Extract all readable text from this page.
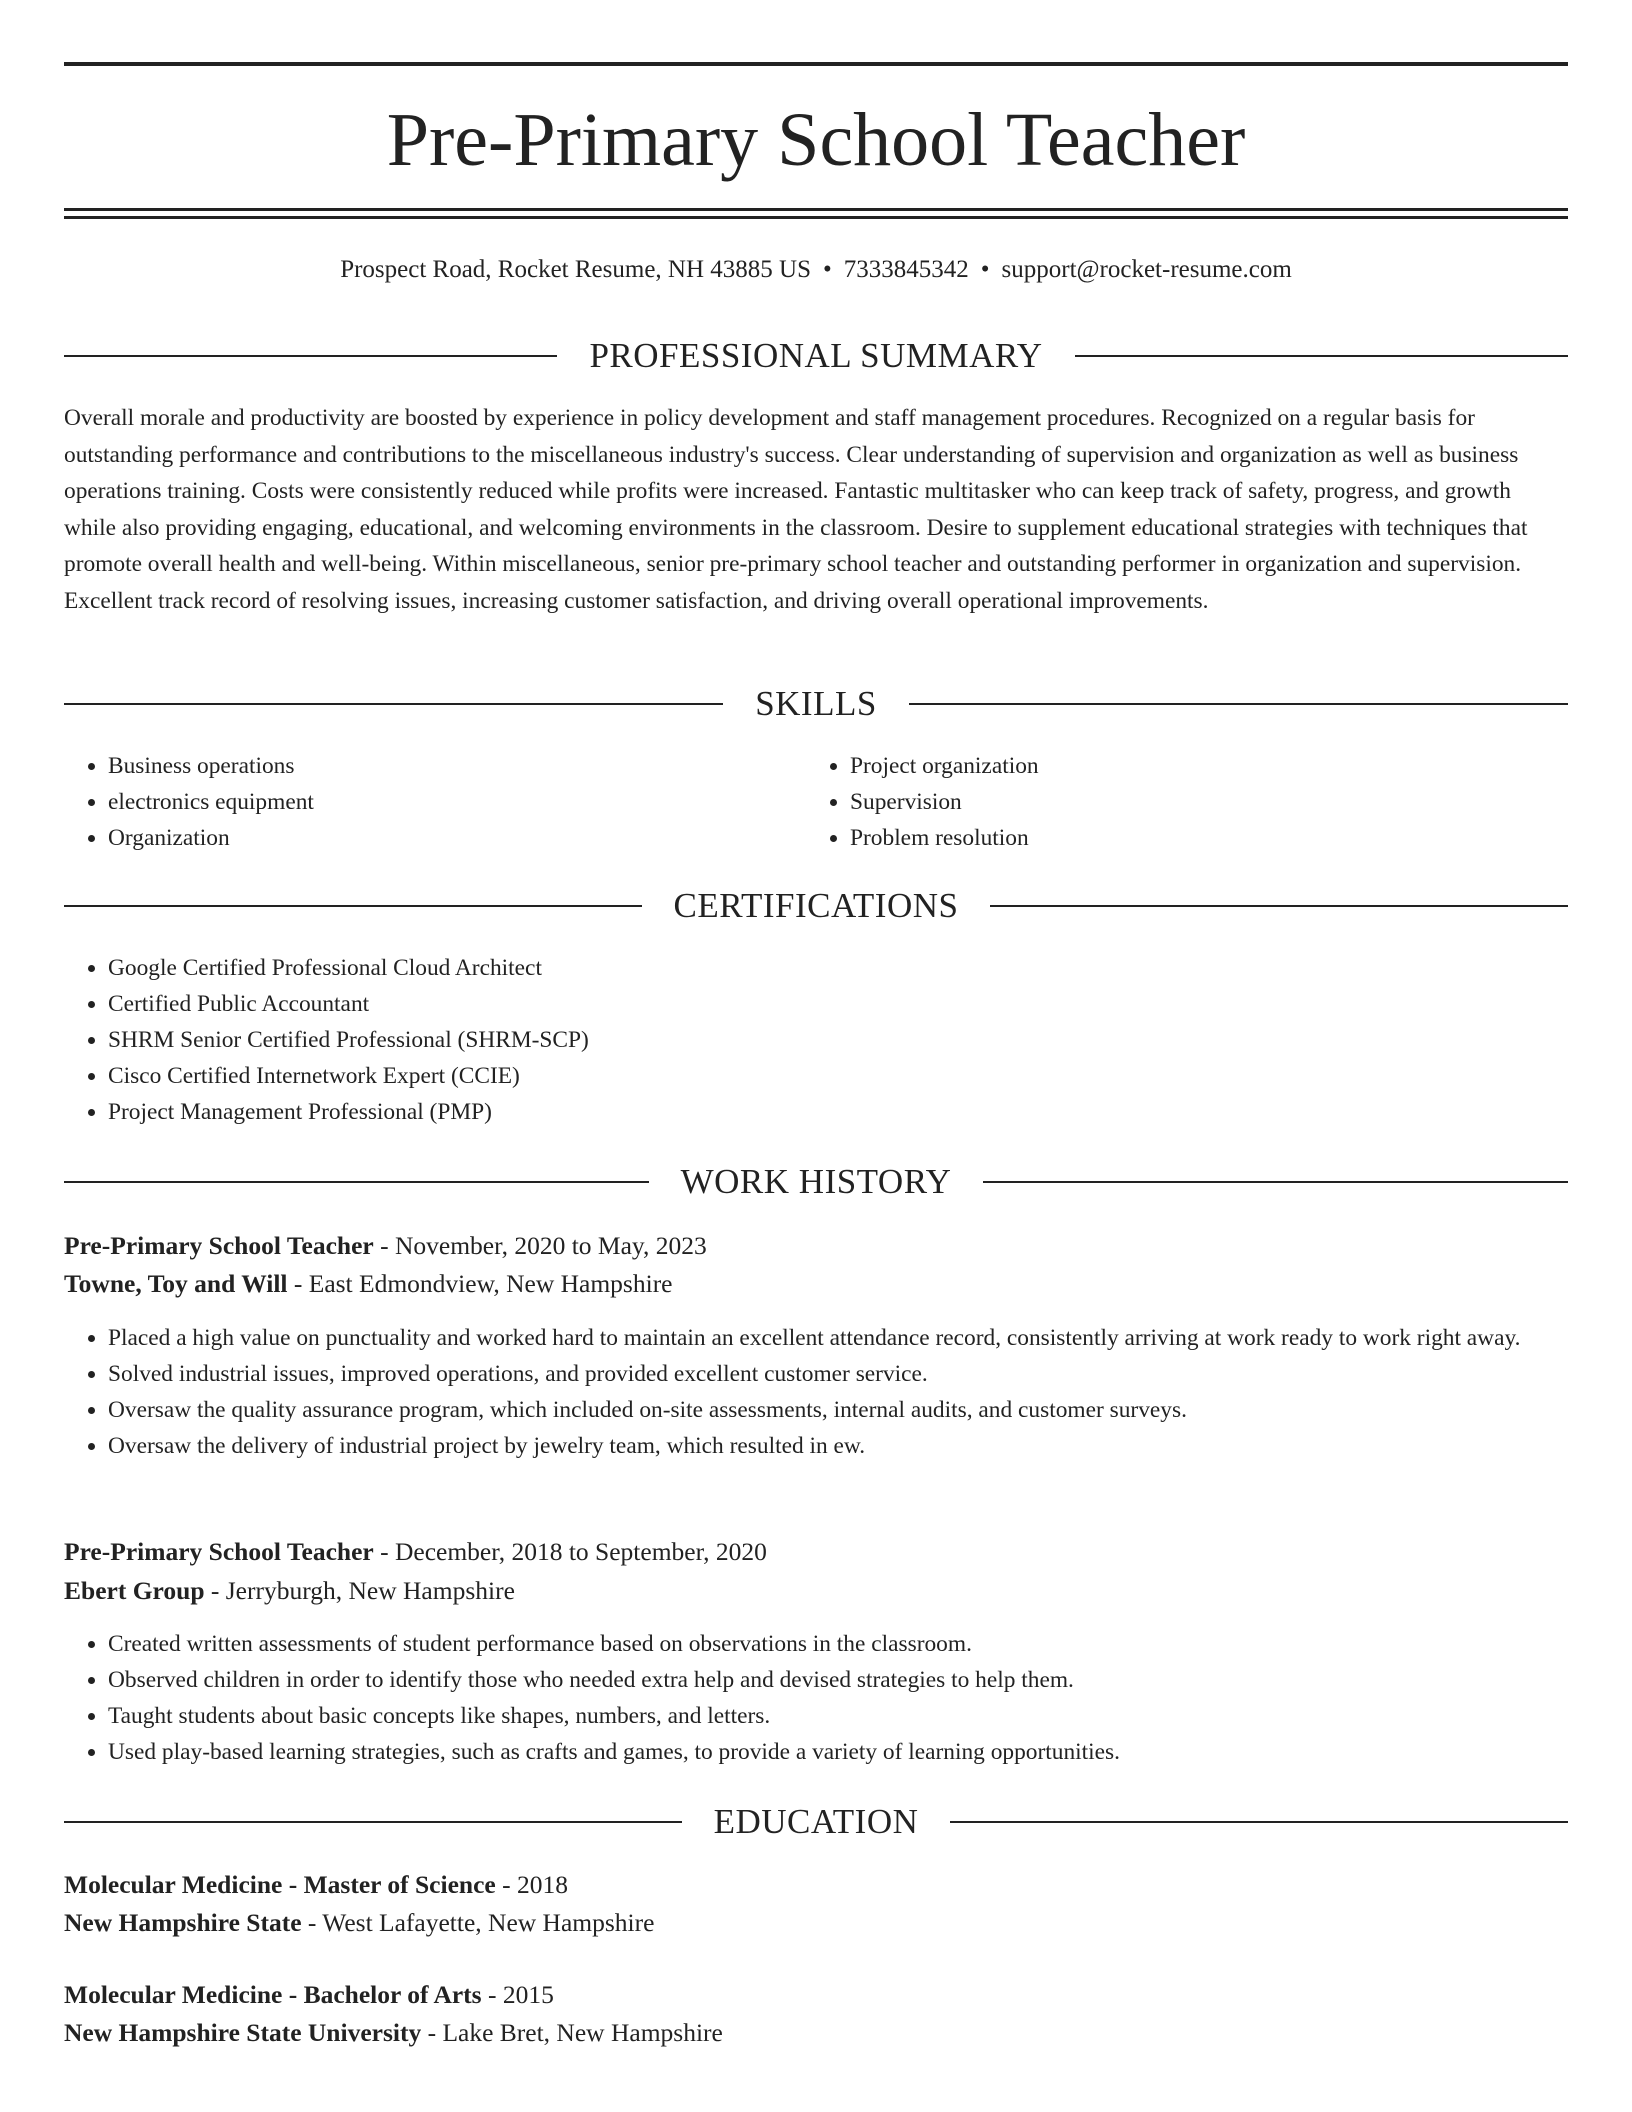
Pre-Primary School Teacher
Prospect Road, Rocket Resume, NH 43885 US • 7333845342 • support@rocket-resume.com
PROFESSIONAL SUMMARY

Overall morale and productivity are boosted by experience in policy development and staff management procedures. Recognized on a regular basis for outstanding performance and contributions to the miscellaneous industry's success. Clear understanding of supervision and organization as well as business operations training. Costs were consistently reduced while profits were increased. Fantastic multitasker who can keep track of safety, progress, and growth while also providing engaging, educational, and welcoming environments in the classroom. Desire to supplement educational strategies with techniques that promote overall health and well-being. Within miscellaneous, senior pre-primary school teacher and outstanding performer in organization and supervision. Excellent track record of resolving issues, increasing customer satisfaction, and driving overall operational improvements.

SKILLS
• Business operations
• electronics equipment
• Organization
• Project organization
• Supervision
• Problem resolution
CERTIFICATIONS
• Google Certified Professional Cloud Architect
• Certified Public Accountant
• SHRM Senior Certified Professional (SHRM-SCP)
• Cisco Certified Internetwork Expert (CCIE)
• Project Management Professional (PMP)
WORK HISTORY
Pre-Primary School Teacher - November, 2020 to May, 2023
Towne, Toy and Will - East Edmondview, New Hampshire
• Placed a high value on punctuality and worked hard to maintain an excellent attendance record, consistently arriving at work ready to work right away.
• Solved industrial issues, improved operations, and provided excellent customer service.
• Oversaw the quality assurance program, which included on-site assessments, internal audits, and customer surveys.
• Oversaw the delivery of industrial project by jewelry team, which resulted in ew.
Pre-Primary School Teacher - December, 2018 to September, 2020
Ebert Group - Jerryburgh, New Hampshire
• Created written assessments of student performance based on observations in the classroom.
• Observed children in order to identify those who needed extra help and devised strategies to help them.
• Taught students about basic concepts like shapes, numbers, and letters.
• Used play-based learning strategies, such as crafts and games, to provide a variety of learning opportunities.
EDUCATION
Molecular Medicine - Master of Science - 2018
New Hampshire State - West Lafayette, New Hampshire
Molecular Medicine - Bachelor of Arts - 2015
New Hampshire State University - Lake Bret, New Hampshire
